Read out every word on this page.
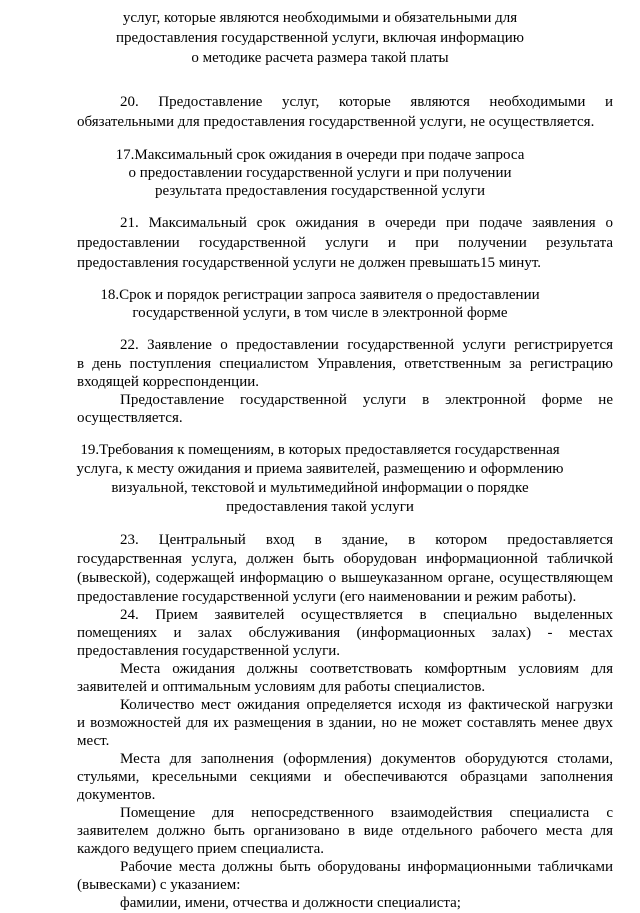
услуг, которые являются необходимыми и обязательными для
предоставления государственной услуги, включая информацию
о методике расчета размера такой платы
20. Предоставление услуг, которые являются необходимыми и
обязательными для предоставления государственной услуги, не осуществляется.
17.Максимальный срок ожидания в очереди при подаче запроса
о предоставлении государственной услуги и при получении
результата предоставления государственной услуги
21. Максимальный срок ожидания в очереди при подаче заявления о
предоставлении государственной услуги и при получении результата
предоставления государственной услуги не должен превышать15 минут.
18.Срок и порядок регистрации запроса заявителя о предоставлении
государственной услуги, в том числе в электронной форме
22. Заявление о предоставлении государственной услуги регистрируется
в день поступления специалистом Управления, ответственным за регистрацию
входящей корреспонденции.
Предоставление государственной услуги в электронной форме не
осуществляется.
19.Требования к помещениям, в которых предоставляется государственная
услуга, к месту ожидания и приема заявителей, размещению и оформлению
визуальной, текстовой и мультимедийной информации о порядке
предоставления такой услуги
23. Центральный вход в здание, в котором предоставляется
государственная услуга, должен быть оборудован информационной табличкой
(вывеской), содержащей информацию о вышеуказанном органе, осуществляющем
предоставление государственной услуги (его наименовании и режим работы).
24. Прием заявителей осуществляется в специально выделенных
помещениях и залах обслуживания (информационных залах) - местах
предоставления государственной услуги.
Места ожидания должны соответствовать комфортным условиям для
заявителей и оптимальным условиям для работы специалистов.
Количество мест ожидания определяется исходя из фактической нагрузки
и возможностей для их размещения в здании, но не может составлять менее двух
мест.
Места для заполнения (оформления) документов оборудуются столами,
стульями, кресельными секциями и обеспечиваются образцами заполнения
документов.
Помещение для непосредственного взаимодействия специалиста с
заявителем должно быть организовано в виде отдельного рабочего места для
каждого ведущего прием специалиста.
Рабочие места должны быть оборудованы информационными табличками
(вывесками) с указанием:
фамилии, имени, отчества и должности специалиста;
